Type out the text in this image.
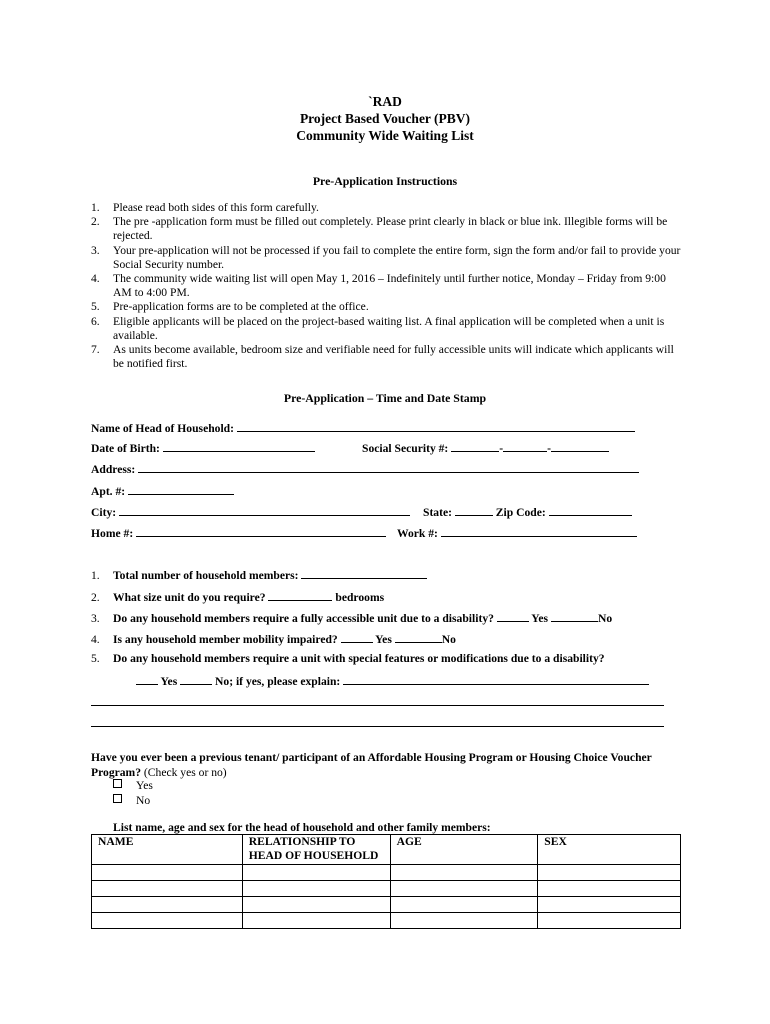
`RAD
Project Based Voucher (PBV)
Community Wide Waiting List
Pre-Application Instructions
1.	Please read both sides of this form carefully.
2.	The pre -application form must be filled out completely. Please print clearly in black or blue ink. Illegible forms will be rejected.
3.	Your pre-application will not be processed if you fail to complete the entire form, sign the form and/or fail to provide your Social Security number.
4.	The community wide waiting list will open May 1, 2016 – Indefinitely until further notice, Monday – Friday from 9:00 AM to 4:00 PM.
5.	Pre-application forms are to be completed at the office.
6.	Eligible applicants will be placed on the project-based waiting list. A final application will be completed when a unit is available.
7.	As units become available, bedroom size and verifiable need for fully accessible units will indicate which applicants will be notified first.
Pre-Application – Time and Date Stamp
Name of Head of Household:
Date of Birth:	Social Security #:	-	-
Address:
Apt. #:
City:	State:	Zip Code:
Home #:	Work #:
1. Total number of household members:
2. What size unit do you require?	bedrooms
3. Do any household members require a fully accessible unit due to a disability?	Yes	No
4. Is any household member mobility impaired?	Yes	No
5. Do any household members require a unit with special features or modifications due to a disability?
Yes	No; if yes, please explain:
Have you ever been a previous tenant/ participant of an Affordable Housing Program or Housing Choice Voucher Program? (Check yes or no)
Yes
No
List name, age and sex for the head of household and other family members:
NAME	RELATIONSHIP TO HEAD OF HOUSEHOLD	AGE	SEX
